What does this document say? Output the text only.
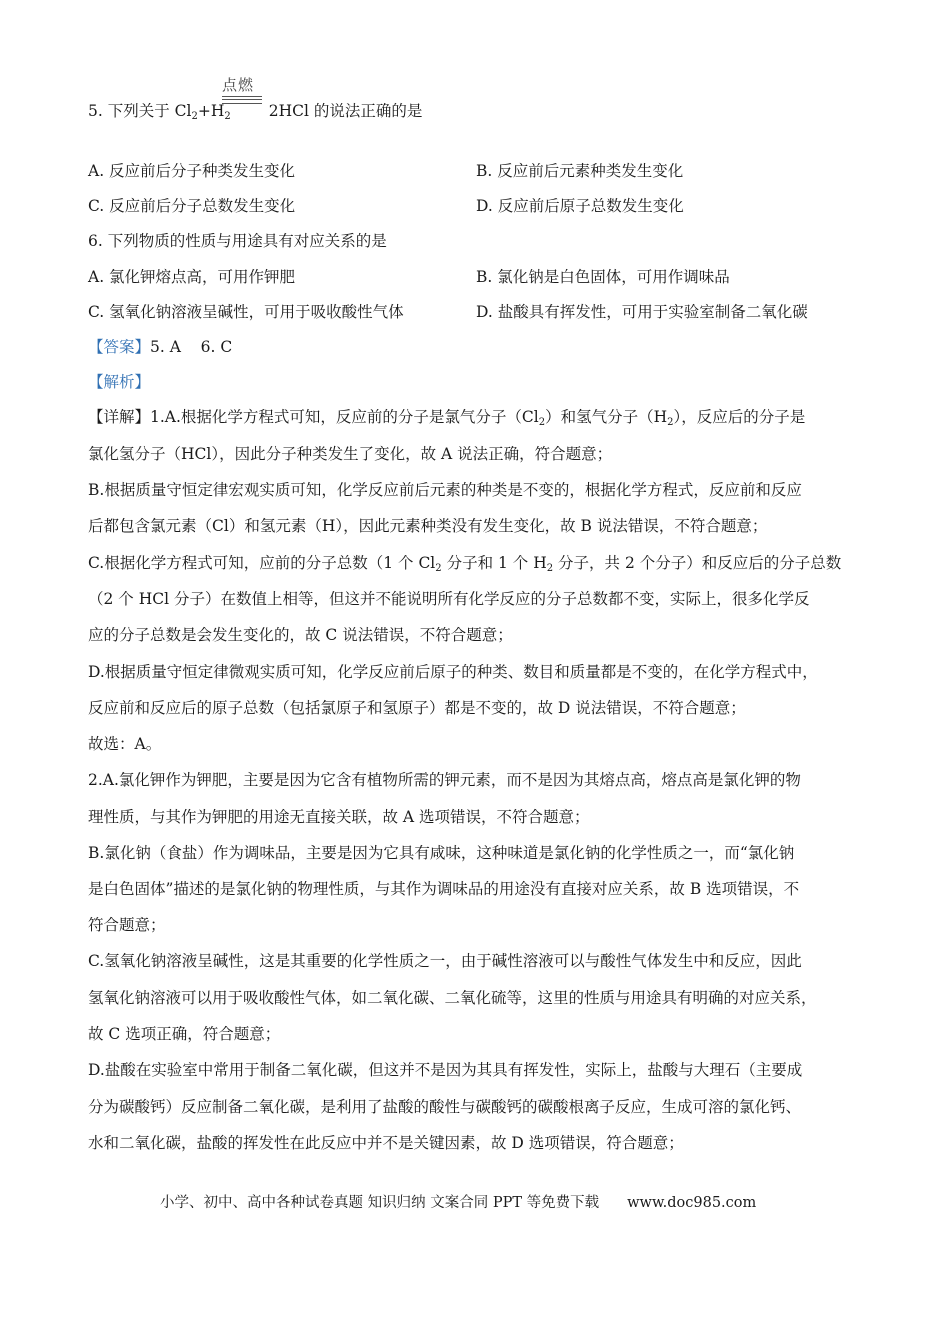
点燃
5. 下列关于 $Cl_2+H_2$ 2HCl 的说法正确的是
A. 反应前后分子种类发生变化	B. 反应前后元素种类发生变化
C. 反应前后分子总数发生变化	D. 反应前后原子总数发生变化
6. 下列物质的性质与用途具有对应关系的是
A. 氯化钾熔点高，可用作钾肥	B. 氯化钠是白色固体，可用作调味品
C. 氢氧化钠溶液呈碱性，可用于吸收酸性气体	D. 盐酸具有挥发性，可用于实验室制备二氧化碳
【答案】5. A    6. C
【解析】
【详解】1.A.根据化学方程式可知，反应前的分子是氯气分子$(Cl_2)$和氢气分子$(H_2)$，反应后的分子是
氯化氢分子（HCl），因此分子种类发生了变化，故 A 说法正确，符合题意；
B.根据质量守恒定律宏观实质可知，化学反应前后元素的种类是不变的，根据化学方程式，反应前和反应
后都包含氯元素（Cl）和氢元素（H），因此元素种类没有发生变化，故 B 说法错误，不符合题意；
C.根据化学方程式可知，应前的分子总数（1 个 $Cl_2$ 分子和 1 个 $H_2$ 分子，共 2 个分子）和反应后的分子总数
（2 个 HCl 分子）在数值上相等，但这并不能说明所有化学反应的分子总数都不变，实际上，很多化学反
应的分子总数是会发生变化的，故 C 说法错误，不符合题意；
D.根据质量守恒定律微观实质可知，化学反应前后原子的种类、数目和质量都是不变的，在化学方程式中，
反应前和反应后的原子总数（包括氯原子和氢原子）都是不变的，故 D 说法错误，不符合题意；
故选：A。
2.A.氯化钾作为钾肥，主要是因为它含有植物所需的钾元素，而不是因为其熔点高，熔点高是氯化钾的物
理性质，与其作为钾肥的用途无直接关联，故 A 选项错误，不符合题意；
B.氯化钠（食盐）作为调味品，主要是因为它具有咸味，这种味道是氯化钠的化学性质之一，而“氯化钠
是白色固体”描述的是氯化钠的物理性质，与其作为调味品的用途没有直接对应关系，故 B 选项错误，不
符合题意；
C.氢氧化钠溶液呈碱性，这是其重要的化学性质之一，由于碱性溶液可以与酸性气体发生中和反应，因此
氢氧化钠溶液可以用于吸收酸性气体，如二氧化碳、二氧化硫等，这里的性质与用途具有明确的对应关系，
故 C 选项正确，符合题意；
D.盐酸在实验室中常用于制备二氧化碳，但这并不是因为其具有挥发性，实际上，盐酸与大理石（主要成
分为碳酸钙）反应制备二氧化碳，是利用了盐酸的酸性与碳酸钙的碳酸根离子反应，生成可溶的氯化钙、
水和二氧化碳，盐酸的挥发性在此反应中并不是关键因素，故 D 选项错误，符合题意；
小学、初中、高中各种试卷真题 知识归纳 文案合同 PPT 等免费下载 www.doc985.com
